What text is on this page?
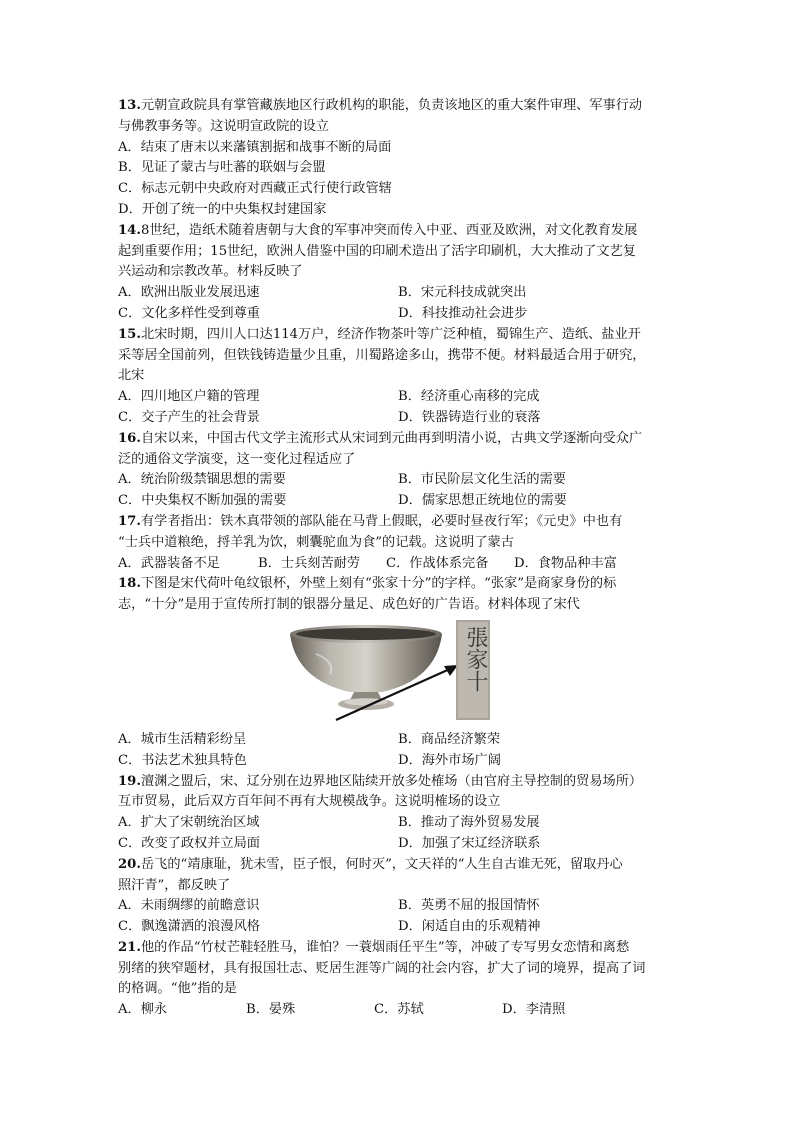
13.元朝宣政院具有掌管藏族地区行政机构的职能，负责该地区的重大案件审理、军事行动
与佛教事务等。这说明宣政院的设立
A．结束了唐末以来藩镇割据和战事不断的局面
B．见证了蒙古与吐蕃的联姻与会盟
C．标志元朝中央政府对西藏正式行使行政管辖
D．开创了统一的中央集权封建国家
14.8世纪，造纸术随着唐朝与大食的军事冲突而传入中亚、西亚及欧洲，对文化教育发展
起到重要作用；15世纪，欧洲人借鉴中国的印刷术造出了活字印刷机，大大推动了文艺复
兴运动和宗教改革。材料反映了
A．欧洲出版业发展迅速	B．宋元科技成就突出
C．文化多样性受到尊重	D．科技推动社会进步
15.北宋时期，四川人口达114万户，经济作物茶叶等广泛种植，蜀锦生产、造纸、盐业开
采等居全国前列，但铁钱铸造量少且重，川蜀路途多山，携带不便。材料最适合用于研究，
北宋
A．四川地区户籍的管理	B．经济重心南移的完成
C．交子产生的社会背景	D．铁器铸造行业的衰落
16.自宋以来，中国古代文学主流形式从宋词到元曲再到明清小说，古典文学逐渐向受众广
泛的通俗文学演变，这一变化过程适应了
A．统治阶级禁锢思想的需要	B．市民阶层文化生活的需要
C．中央集权不断加强的需要	D．儒家思想正统地位的需要
17.有学者指出：铁木真带领的部队能在马背上假眠，必要时昼夜行军；《元史》中也有
“士兵中道粮绝，捋羊乳为饮，刺囊驼血为食”的记载。这说明了蒙古
A．武器装备不足	B．士兵刻苦耐劳	C．作战体系完备	D．食物品种丰富
18.下图是宋代荷叶龟纹银杯，外壁上刻有“张家十分”的字样。“张家”是商家身份的标
志，“十分”是用于宣传所打制的银器分量足、成色好的广告语。材料体现了宋代
張家十
A．城市生活精彩纷呈	B．商品经济繁荣
C．书法艺术独具特色	D．海外市场广阔
19.澶渊之盟后，宋、辽分别在边界地区陆续开放多处榷场（由官府主导控制的贸易场所）
互市贸易，此后双方百年间不再有大规模战争。这说明榷场的设立
A．扩大了宋朝统治区域	B．推动了海外贸易发展
C．改变了政权并立局面	D．加强了宋辽经济联系
20.岳飞的“靖康耻，犹未雪，臣子恨，何时灭”，文天祥的“人生自古谁无死，留取丹心
照汗青”，都反映了
A．未雨绸缪的前瞻意识	B．英勇不屈的报国情怀
C．飘逸潇洒的浪漫风格	D．闲适自由的乐观精神
21.他的作品“竹杖芒鞋轻胜马，谁怕？一蓑烟雨任平生”等，冲破了专写男女恋情和离愁
别绪的狭窄题材，具有报国壮志、贬居生涯等广阔的社会内容，扩大了词的境界，提高了词
的格调。“他”指的是
A．柳永	B．晏殊	C．苏轼	D．李清照
